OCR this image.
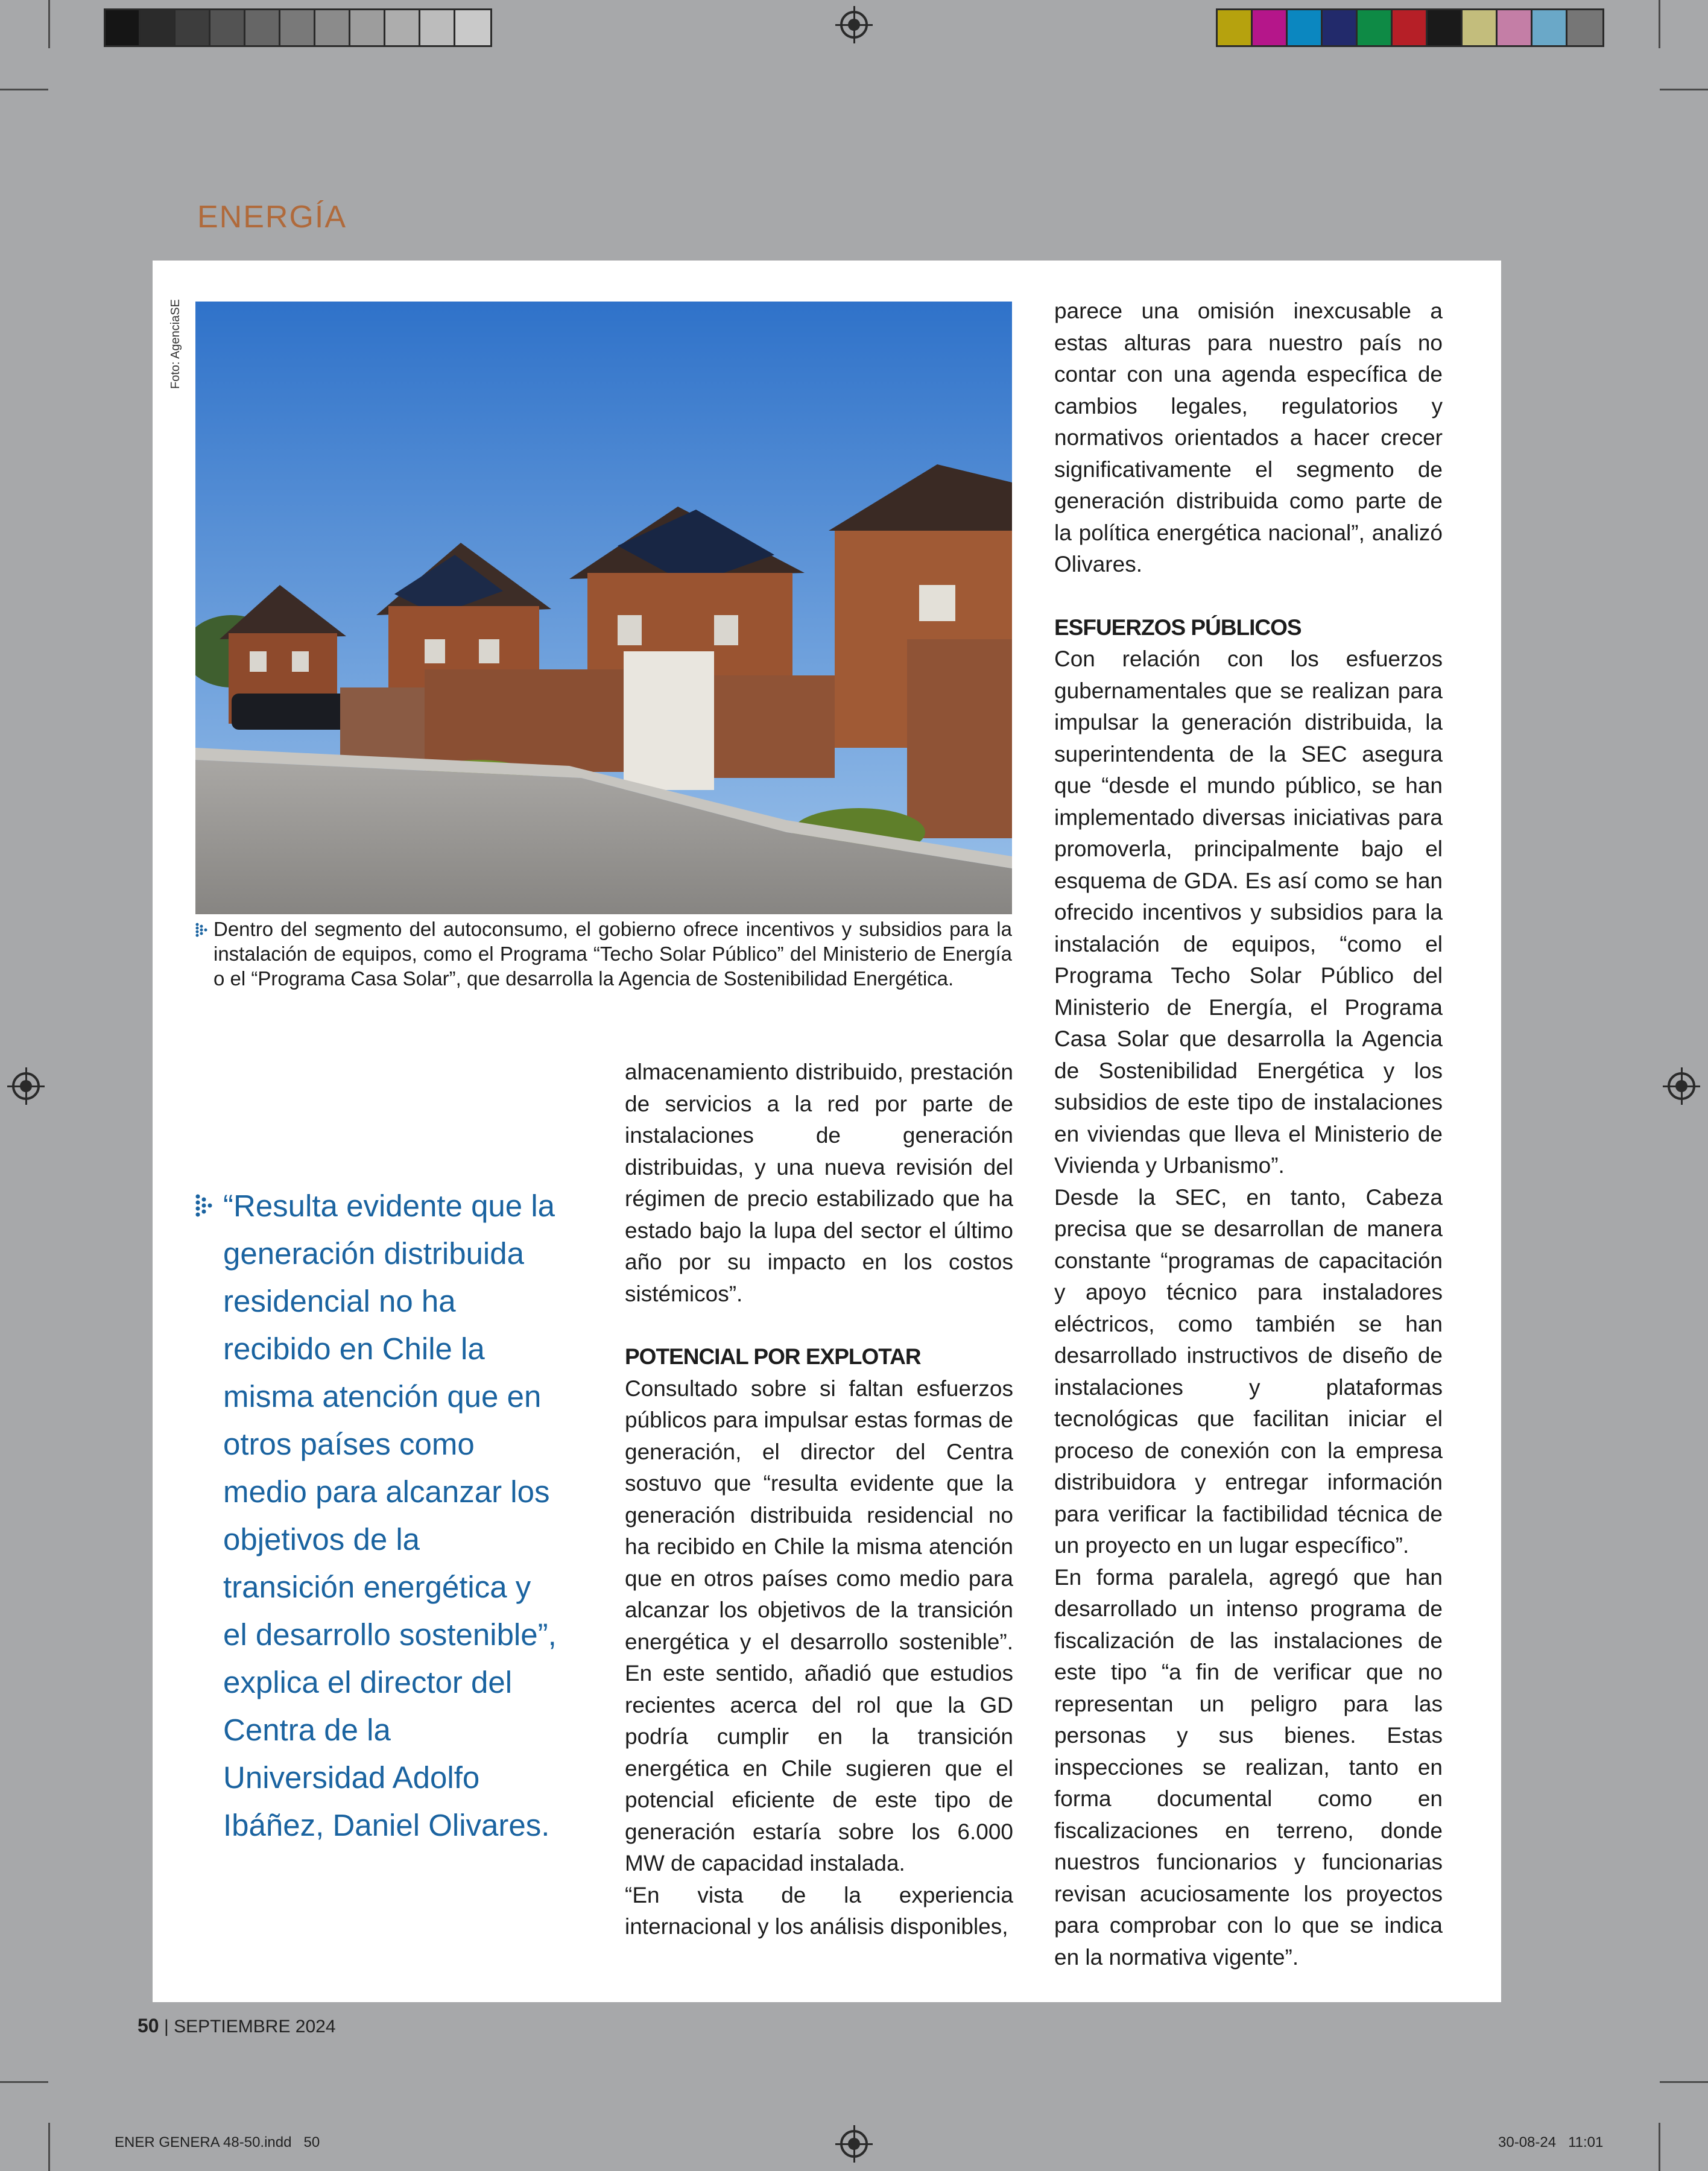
ENERGÍA
Foto: AgenciaSE
Dentro del segmento del autoconsumo, el gobierno ofrece incentivos y subsidios para la instalación de equipos, como el Programa “Techo Solar Público” del Ministerio de Energía o el “Programa Casa Solar”, que desarrolla la Agencia de Sostenibilidad Energética.
“Resulta evidente que la generación distribuida residencial no ha recibido en Chile la misma atención que en otros países como medio para alcanzar los objetivos de la transición energética y el desarrollo sostenible”, explica el director del Centra de la Universidad Adolfo Ibáñez, Daniel Olivares.

almacenamiento distribuido, prestación de servicios a la red por parte de instalaciones de generación distribuidas, y una nueva revisión del régimen de precio estabilizado que ha estado bajo la lupa del sector el último año por su impacto en los costos sistémicos”.

POTENCIAL POR EXPLOTAR

Consultado sobre si faltan esfuerzos públicos para impulsar estas formas de generación, el director del Centra sostuvo que “resulta evidente que la generación distribuida residencial no ha recibido en Chile la misma atención que en otros países como medio para alcanzar los objetivos de la transición energética y el desarrollo sostenible”. En este sentido, añadió que estudios recientes acerca del rol que la GD podría cumplir en la transición energética en Chile sugieren que el potencial eficiente de este tipo de generación estaría sobre los 6.000 MW de capacidad instalada.

“En vista de la experiencia internacional y los análisis disponibles,

parece una omisión inexcusable a estas alturas para nuestro país no contar con una agenda específica de cambios legales, regulatorios y normativos orientados a hacer crecer significativamente el segmento de generación distribuida como parte de la política energética nacional”, analizó Olivares.

ESFUERZOS PÚBLICOS

Con relación con los esfuerzos gubernamentales que se realizan para impulsar la generación distribuida, la superintendenta de la SEC asegura que “desde el mundo público, se han implementado diversas iniciativas para promoverla, principalmente bajo el esquema de GDA. Es así como se han ofrecido incentivos y subsidios para la instalación de equipos, “como el Programa Techo Solar Público del Ministerio de Energía, el Programa Casa Solar que desarrolla la Agencia de Sostenibilidad Energética y los subsidios de este tipo de instalaciones en viviendas que lleva el Ministerio de Vivienda y Urbanismo”.

Desde la SEC, en tanto, Cabeza precisa que se desarrollan de manera constante “programas de capacitación y apoyo técnico para instaladores eléctricos, como también se han desarrollado instructivos de diseño de instalaciones y plataformas tecnológicas que facilitan iniciar el proceso de conexión con la empresa distribuidora y entregar información para verificar la factibilidad técnica de un proyecto en un lugar específico”.

En forma paralela, agregó que han desarrollado un intenso programa de fiscalización de las instalaciones de este tipo “a fin de verificar que no representan un peligro para las personas y sus bienes. Estas inspecciones se realizan, tanto en forma documental como en fiscalizaciones en terreno, donde nuestros funcionarios y funcionarias revisan acuciosamente los proyectos para comprobar con lo que se indica en la normativa vigente”.

50 | SEPTIEMBRE 2024
ENER GENERA 48-50.indd   50	30-08-24   11:01
